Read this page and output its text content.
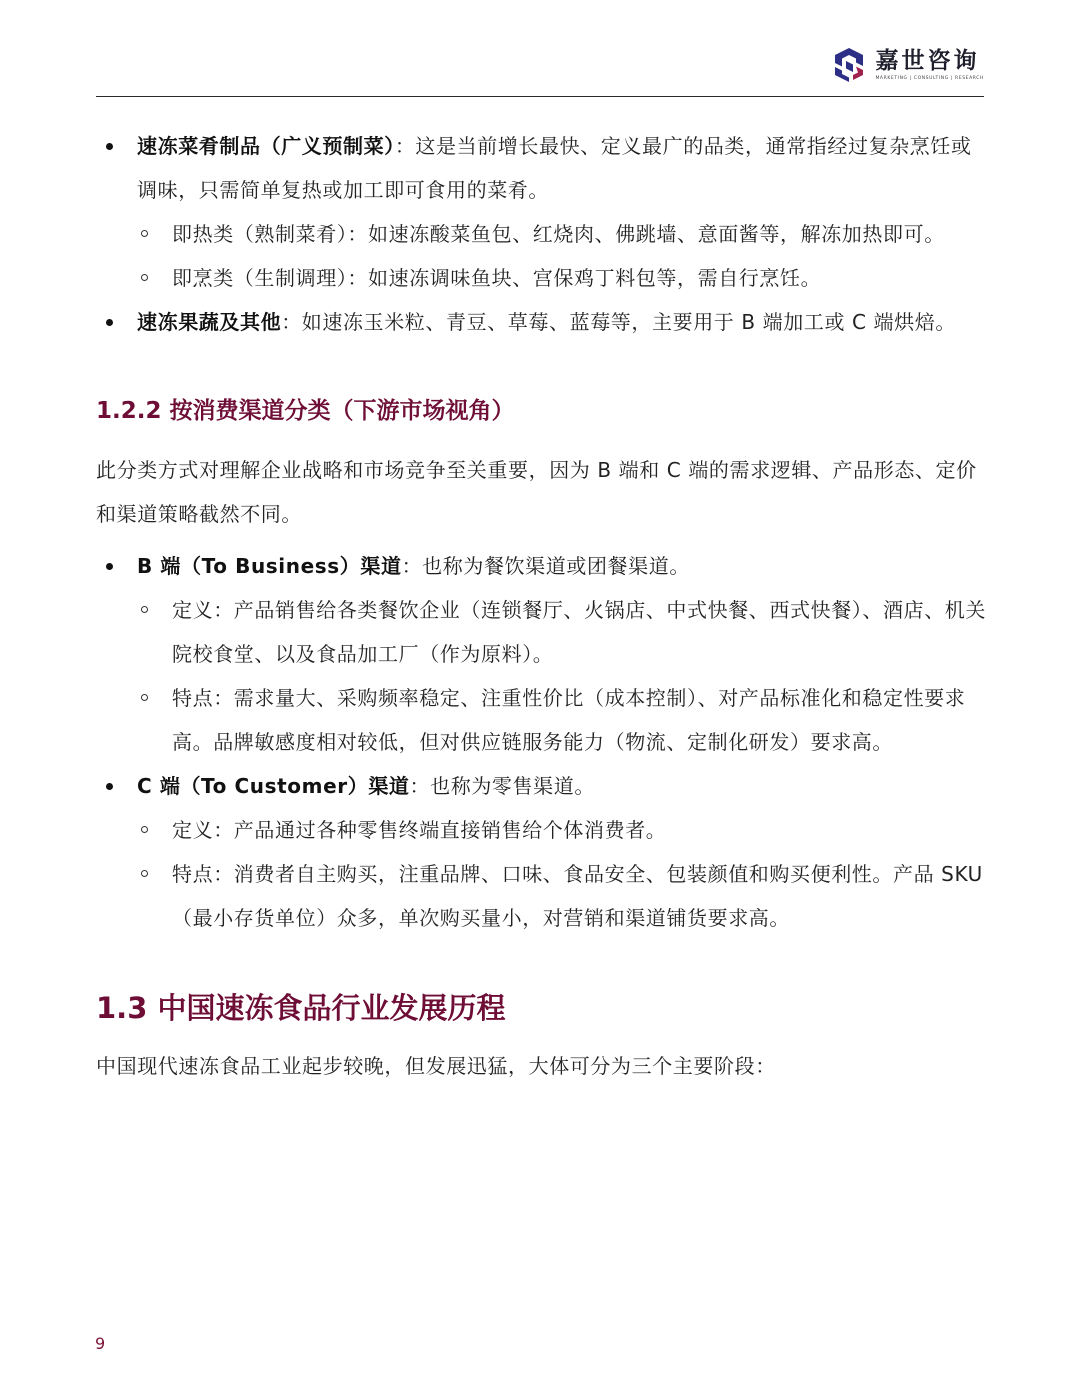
嘉世咨询
MARKETING | CONSULTING | RESEARCH

速冻菜肴制品（广义预制菜）：这是当前增长最快、定义最广的品类，通常指经过复杂烹饪或调味，只需简单复热或加工即可食用的菜肴。

即热类（熟制菜肴）：如速冻酸菜鱼包、红烧肉、佛跳墙、意面酱等，解冻加热即可。

即烹类（生制调理）：如速冻调味鱼块、宫保鸡丁料包等，需自行烹饪。

速冻果蔬及其他：如速冻玉米粒、青豆、草莓、蓝莓等，主要用于 B 端加工或 C 端烘焙。

1.2.2 按消费渠道分类（下游市场视角）

此分类方式对理解企业战略和市场竞争至关重要，因为 B 端和 C 端的需求逻辑、产品形态、定价和渠道策略截然不同。

B 端（To Business）渠道：也称为餐饮渠道或团餐渠道。

定义：产品销售给各类餐饮企业（连锁餐厅、火锅店、中式快餐、西式快餐）、酒店、机关院校食堂、以及食品加工厂（作为原料）。

特点：需求量大、采购频率稳定、注重性价比（成本控制）、对产品标准化和稳定性要求高。品牌敏感度相对较低，但对供应链服务能力（物流、定制化研发）要求高。

C 端（To Customer）渠道：也称为零售渠道。

定义：产品通过各种零售终端直接销售给个体消费者。

特点：消费者自主购买，注重品牌、口味、食品安全、包装颜值和购买便利性。产品 SKU（最小存货单位）众多，单次购买量小，对营销和渠道铺货要求高。

1.3 中国速冻食品行业发展历程

中国现代速冻食品工业起步较晚，但发展迅猛，大体可分为三个主要阶段：

9
